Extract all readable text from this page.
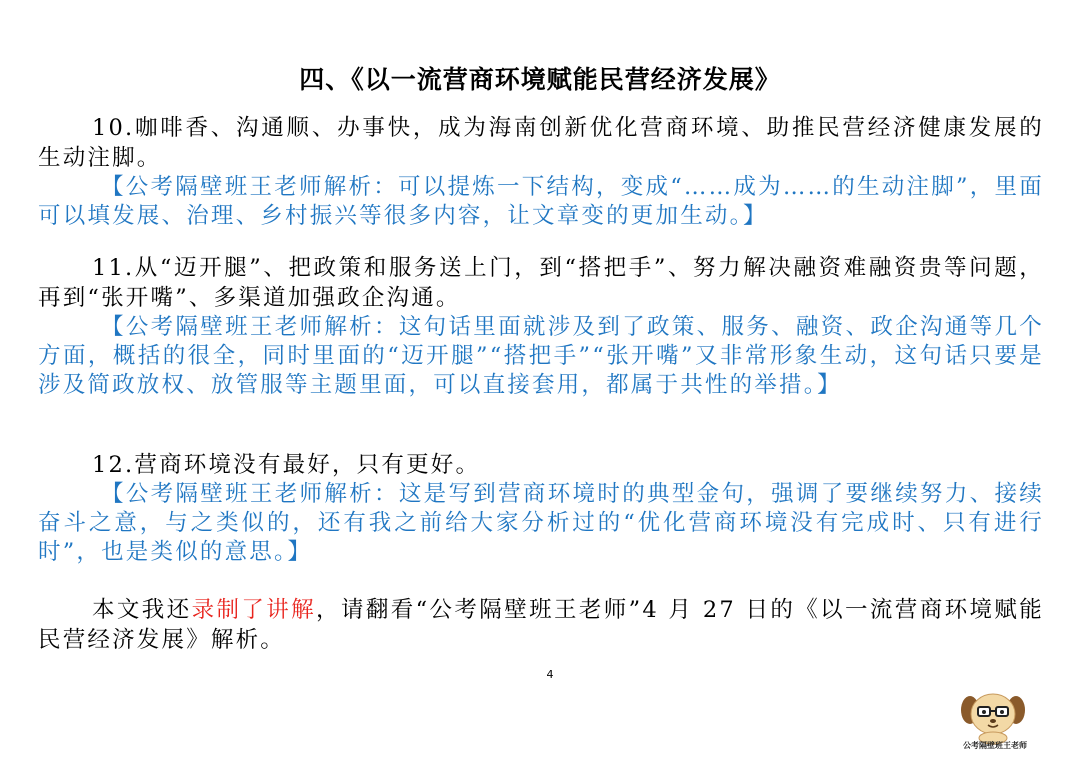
四、《以一流营商环境赋能民营经济发展》

10.咖啡香、沟通顺、办事快，成为海南创新优化营商环境、助推民营经济健康发展的生动注脚。

【公考隔壁班王老师解析：可以提炼一下结构，变成“……成为……的生动注脚”，里面可以填发展、治理、乡村振兴等很多内容，让文章变的更加生动。】

11.从“迈开腿”、把政策和服务送上门，到“搭把手”、努力解决融资难融资贵等问题，再到“张开嘴”、多渠道加强政企沟通。

【公考隔壁班王老师解析：这句话里面就涉及到了政策、服务、融资、政企沟通等几个方面，概括的很全，同时里面的“迈开腿”“搭把手”“张开嘴”又非常形象生动，这句话只要是涉及简政放权、放管服等主题里面，可以直接套用，都属于共性的举措。】

12.营商环境没有最好，只有更好。

【公考隔壁班王老师解析：这是写到营商环境时的典型金句，强调了要继续努力、接续奋斗之意，与之类似的，还有我之前给大家分析过的“优化营商环境没有完成时、只有进行时”，也是类似的意思。】

本文我还录制了讲解，请翻看“公考隔壁班王老师”4 月 27 日的《以一流营商环境赋能民营经济发展》解析。

4
公考隔壁班王老师
